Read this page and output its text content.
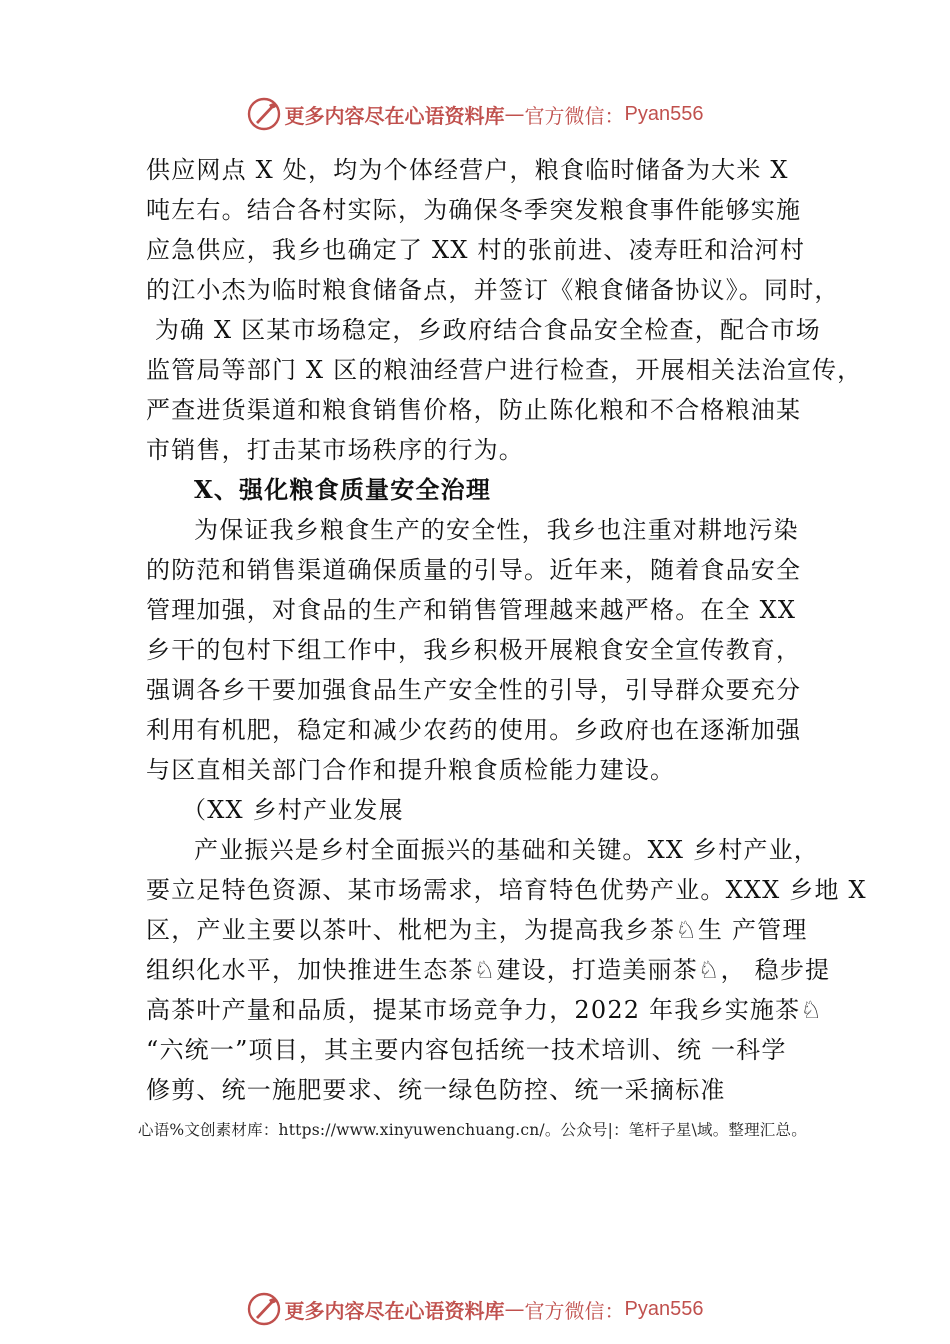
更多内容尽在心语资料库 — 官方微信： Pyan556
供应网点 X 处，均为个体经营户，粮食临时储备为大米 X
吨左右。结合各村实际，为确保冬季突发粮食事件能够实施
应急供应，我乡也确定了 XX 村的张前进、凌寿旺和洽河村
的江小杰为临时粮食储备点，并签订《粮食储备协议》。同时，
为确 X 区某市场稳定，乡政府结合食品安全检查，配合市场
监管局等部门 X 区的粮油经营户进行检查，开展相关法治宣传，
严查进货渠道和粮食销售价格，防止陈化粮和不合格粮油某
市销售，打击某市场秩序的行为。
X、强化粮食质量安全治理
为保证我乡粮食生产的安全性，我乡也注重对耕地污染
的防范和销售渠道确保质量的引导。近年来，随着食品安全
管理加强，对食品的生产和销售管理越来越严格。在全 XX
乡干的包村下组工作中，我乡积极开展粮食安全宣传教育，
强调各乡干要加强食品生产安全性的引导，引导群众要充分
利用有机肥，稳定和减少农药的使用。乡政府也在逐渐加强
与区直相关部门合作和提升粮食质检能力建设。
（XX 乡村产业发展
产业振兴是乡村全面振兴的基础和关键。XX 乡村产业，
要立足特色资源、某市场需求，培育特色优势产业。XXX 乡地 X
区，产业主要以茶叶、枇杷为主，为提高我乡茶♘生 产管理
组织化水平，加快推进生态茶♘建设，打造美丽茶♘， 稳步提
高茶叶产量和品质，提某市场竞争力，2022 年我乡实施茶♘
“六统一”项目，其主要内容包括统一技术培训、统 一科学
修剪、统一施肥要求、统一绿色防控、统一采摘标准
心语%文创素材库：https://www.xinyuwenchuang.cn/。公众号|：笔杆子星\域。整理汇总。
更多内容尽在心语资料库 — 官方微信： Pyan556
